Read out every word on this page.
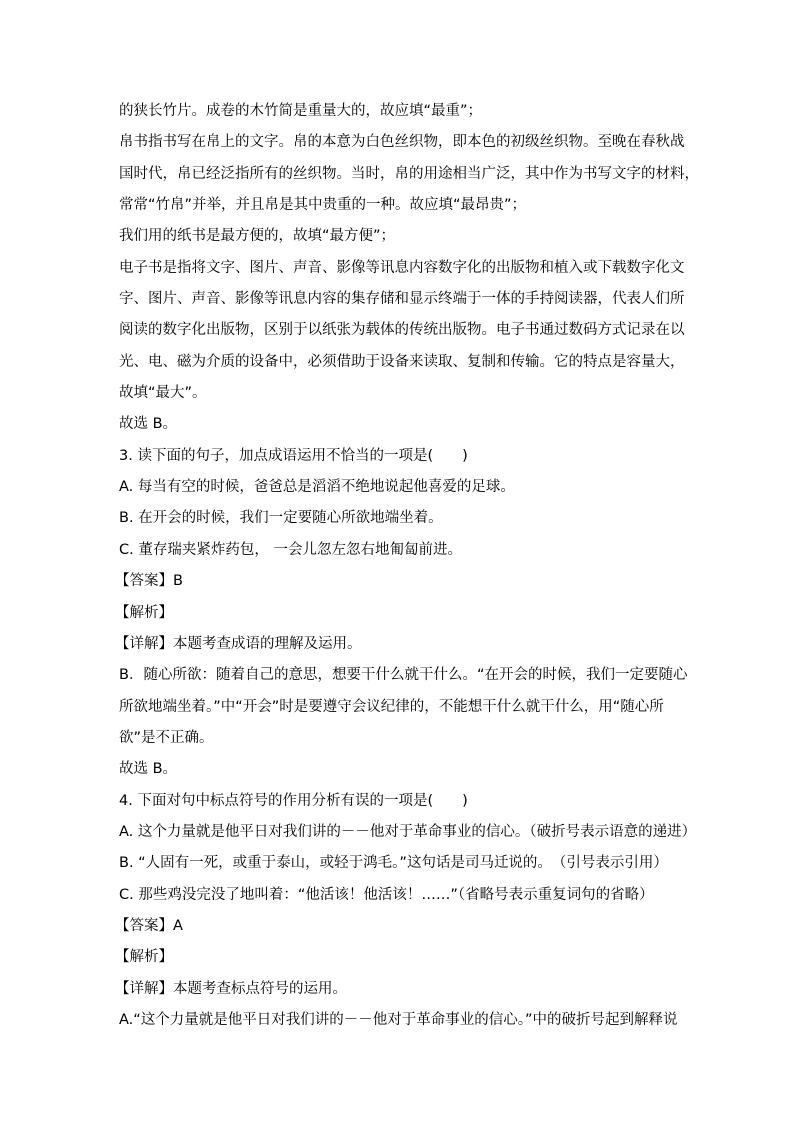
的狭长竹片。成卷的木竹简是重量大的，故应填“最重”；
帛书指书写在帛上的文字。帛的本意为白色丝织物，即本色的初级丝织物。至晚在春秋战
国时代，帛已经泛指所有的丝织物。当时，帛的用途相当广泛，其中作为书写文字的材料，
常常“竹帛”并举，并且帛是其中贵重的一种。故应填“最昂贵”；
我们用的纸书是最方便的，故填“最方便”；
电子书是指将文字、图片、声音、影像等讯息内容数字化的出版物和植入或下载数字化文
字、图片、声音、影像等讯息内容的集存储和显示终端于一体的手持阅读器，代表人们所
阅读的数字化出版物，区别于以纸张为载体的传统出版物。电子书通过数码方式记录在以
光、电、磁为介质的设备中，必须借助于设备来读取、复制和传输。它的特点是容量大，
故填“最大”。
故选 B。
3. 读下面的句子，加点成语运用不恰当的一项是(　　)
A. 每当有空的时候，爸爸总是滔滔不绝地说起他喜爱的足球。
B. 在开会的时候，我们一定要随心所欲地端坐着。
C. 董存瑞夹紧炸药包， 一会儿忽左忽右地匍匐前进。
【答案】B
【解析】
【详解】本题考查成语的理解及运用。
B．随心所欲：随着自己的意思，想要干什么就干什么。“在开会的时候，我们一定要随心
所欲地端坐着。”中“开会”时是要遵守会议纪律的，不能想干什么就干什么，用“随心所
欲”是不正确。
故选 B。
4. 下面对句中标点符号的作用分析有误的一项是(　　)
A. 这个力量就是他平日对我们讲的－－他对于革命事业的信心。（破折号表示语意的递进）
B. “人固有一死，或重于泰山，或轻于鸿毛。”这句话是司马迁说的。　（引号表示引用）
C. 那些鸡没完没了地叫着：“他活该！他活该！……”（省略号表示重复词句的省略）
【答案】A
【解析】
【详解】本题考查标点符号的运用。
A.“这个力量就是他平日对我们讲的－－他对于革命事业的信心。”中的破折号起到解释说
